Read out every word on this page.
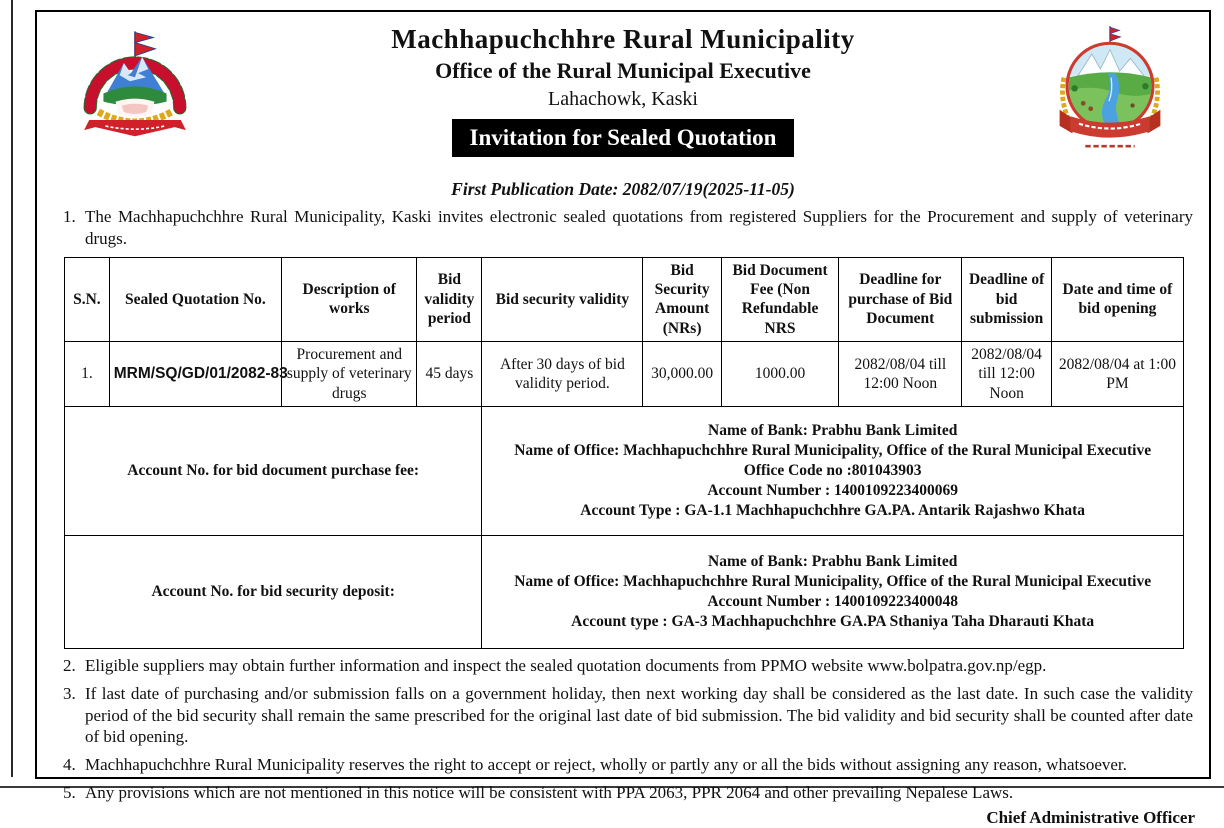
Machhapuchchhre Rural Municipality
Office of the Rural Municipal Executive
Lahachowk, Kaski
Invitation for Sealed Quotation
First Publication Date: 2082/07/19(2025-11-05)
1. The Machhapuchchhre Rural Municipality, Kaski invites electronic sealed quotations from registered Suppliers for the Procurement and supply of veterinary drugs.
S.N.	Sealed Quotation No.	Description of works	Bid validity period	Bid security validity	Bid Security Amount (NRs)	Bid Document Fee (Non Refundable NRS	Deadline for purchase of Bid Document	Deadline of bid submission	Date and time of bid opening
1.	MRM/SQ/GD/01/2082-83	Procurement and supply of veterinary drugs	45 days	After 30 days of bid validity period.	30,000.00	1000.00	2082/08/04 till 12:00 Noon	2082/08/04 till 12:00 Noon	2082/08/04 at 1:00 PM
Account No. for bid document purchase fee:				Name of Bank: Prabhu Bank Limited
Name of Office: Machhapuchchhre Rural Municipality, Office of the Rural Municipal Executive
Office Code no :801043903
Account Number : 1400109223400069
Account Type : GA-1.1 Machhapuchchhre GA.PA. Antarik Rajashwo Khata					

Account No. for bid security deposit:				Name of Bank: Prabhu Bank Limited
Name of Office: Machhapuchchhre Rural Municipality, Office of the Rural Municipal Executive
Account Number : 1400109223400048
Account type : GA-3 Machhapuchchhre GA.PA Sthaniya Taha Dharauti Khata					
2. Eligible suppliers may obtain further information and inspect the sealed quotation documents from PPMO website www.bolpatra.gov.np/egp.
3. If last date of purchasing and/or submission falls on a government holiday, then next working day shall be considered as the last date. In such case the validity period of the bid security shall remain the same prescribed for the original last date of bid submission. The bid validity and bid security shall be counted after date of bid opening.
4. Machhapuchchhre Rural Municipality reserves the right to accept or reject, wholly or partly any or all the bids without assigning any reason, whatsoever.
5. Any provisions which are not mentioned in this notice will be consistent with PPA 2063, PPR 2064 and other prevailing Nepalese Laws.
Chief Administrative Officer
